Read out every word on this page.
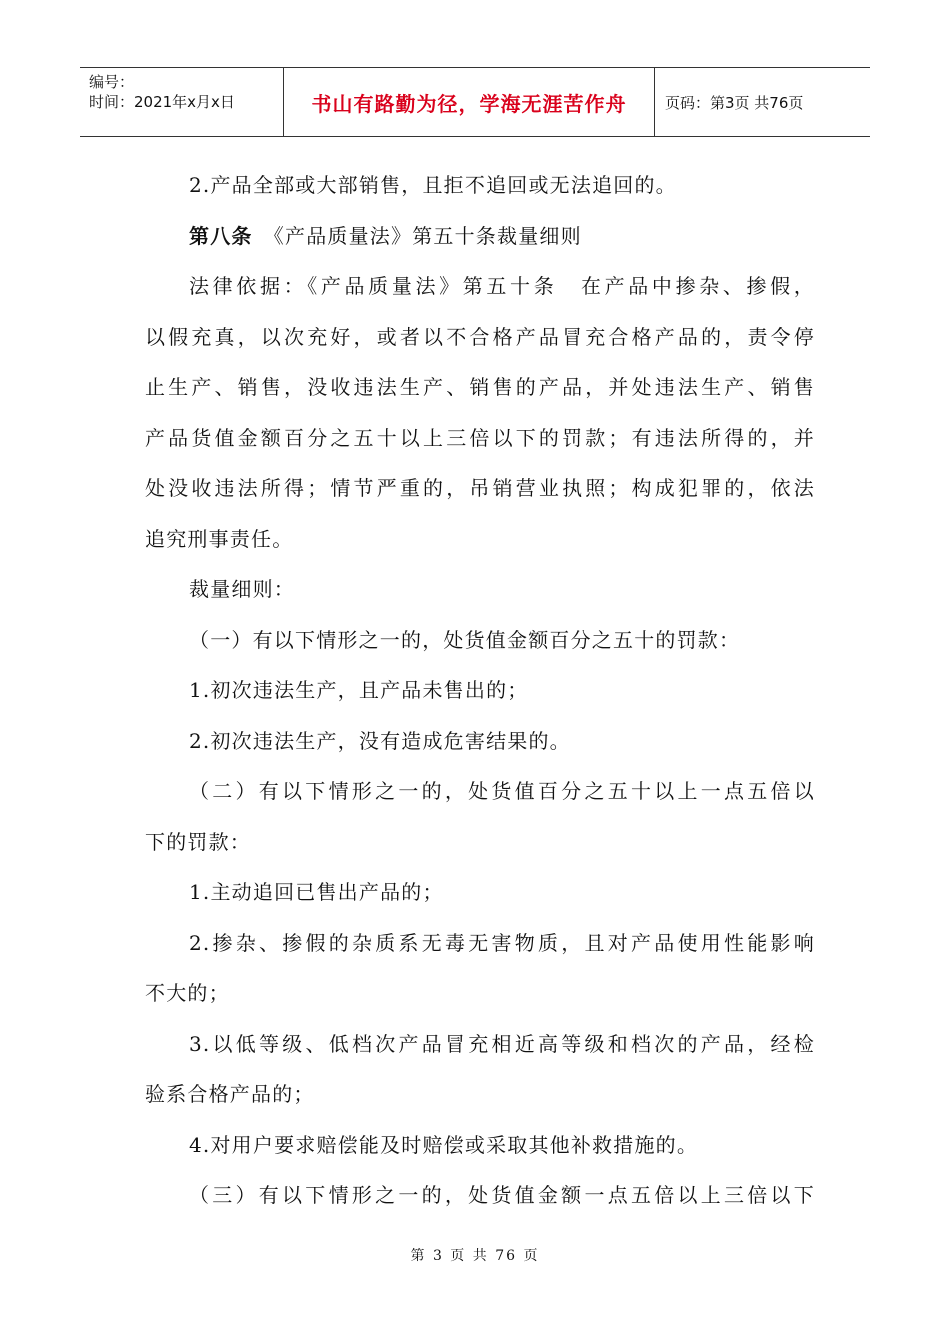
编号：
时间：2021年x月x日	书山有路勤为径，学海无涯苦作舟	页码：第3页 共76页
2.产品全部或大部销售，且拒不追回或无法追回的。
第八条　《产品质量法》第五十条裁量细则
法律依据：《产品质量法》第五十条　在产品中掺杂、掺假，
以假充真，以次充好，或者以不合格产品冒充合格产品的，责令停
止生产、销售，没收违法生产、销售的产品，并处违法生产、销售
产品货值金额百分之五十以上三倍以下的罚款；有违法所得的，并
处没收违法所得；情节严重的，吊销营业执照；构成犯罪的，依法
追究刑事责任。
裁量细则：
（一）有以下情形之一的，处货值金额百分之五十的罚款：
1.初次违法生产，且产品未售出的；
2.初次违法生产，没有造成危害结果的。
（二）有以下情形之一的，处货值百分之五十以上一点五倍以
下的罚款：
1.主动追回已售出产品的；
2.掺杂、掺假的杂质系无毒无害物质，且对产品使用性能影响
不大的；
3.以低等级、低档次产品冒充相近高等级和档次的产品，经检
验系合格产品的；
4.对用户要求赔偿能及时赔偿或采取其他补救措施的。
（三）有以下情形之一的，处货值金额一点五倍以上三倍以下
第 3 页 共 76 页
